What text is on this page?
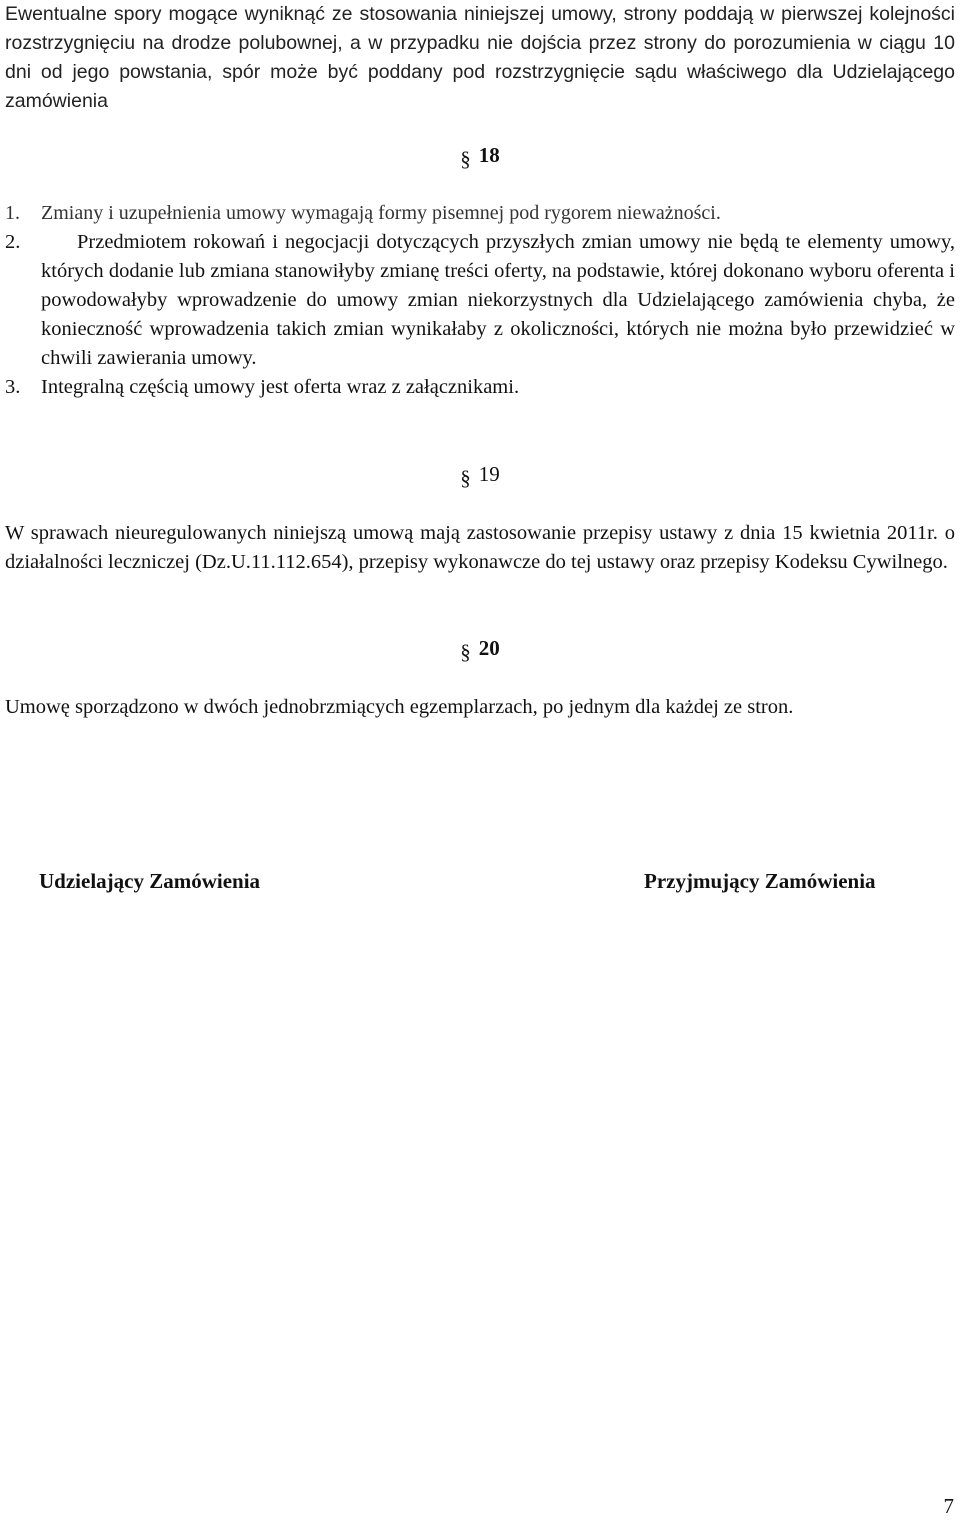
Ewentualne spory mogące wyniknąć ze stosowania niniejszej umowy, strony poddają w pierwszej kolejności rozstrzygnięciu na drodze polubownej, a w przypadku nie dojścia przez strony do porozumienia w ciągu 10 dni od jego powstania, spór może być poddany pod rozstrzygnięcie sądu właściwego dla Udzielającego zamówienia

§ 18
1.	Zmiany i uzupełnienia umowy wymagają formy pisemnej pod rygorem nieważności.
2.	Przedmiotem rokowań i negocjacji dotyczących przyszłych zmian umowy nie będą te elementy umowy, których dodanie lub zmiana stanowiłyby zmianę treści oferty, na podstawie, której dokonano wyboru oferenta i powodowałyby wprowadzenie do umowy zmian niekorzystnych dla Udzielającego zamówienia chyba, że konieczność wprowadzenia takich zmian wynikałaby z okoliczności, których nie można było przewidzieć w chwili zawierania umowy.
3.	Integralną częścią umowy jest oferta wraz z załącznikami.
§ 19

W sprawach nieuregulowanych niniejszą umową mają zastosowanie przepisy ustawy z dnia 15 kwietnia 2011r. o działalności leczniczej (Dz.U.11.112.654), przepisy wykonawcze do tej ustawy oraz przepisy Kodeksu Cywilnego.

§ 20

Umowę sporządzono w dwóch jednobrzmiących egzemplarzach, po jednym dla każdej ze stron.

Udzielający Zamówienia	Przyjmujący Zamówienia

7
